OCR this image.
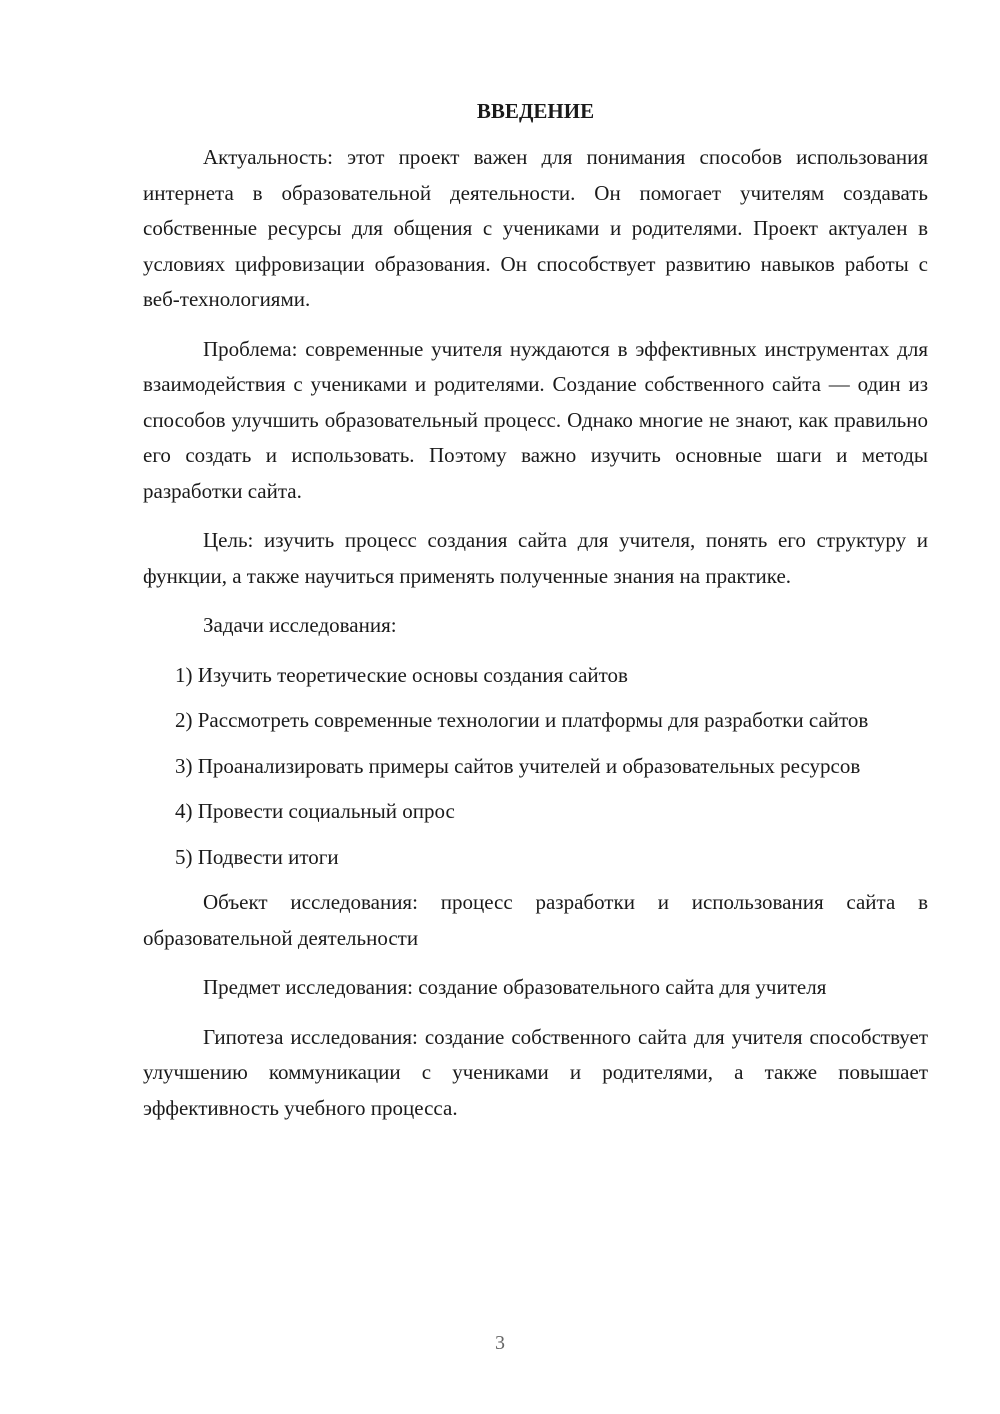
ВВЕДЕНИЕ

Актуальность: этот проект важен для понимания способов использования интернета в образовательной деятельности. Он помогает учителям создавать собственные ресурсы для общения с учениками и родителями. Проект актуален в условиях цифровизации образования. Он способствует развитию навыков работы с веб-технологиями.

Проблема: современные учителя нуждаются в эффективных инструментах для взаимодействия с учениками и родителями. Создание собственного сайта — один из способов улучшить образовательный процесс. Однако многие не знают, как правильно его создать и использовать. Поэтому важно изучить основные шаги и методы разработки сайта.

Цель: изучить процесс создания сайта для учителя, понять его структуру и функции, а также научиться применять полученные знания на практике.

Задачи исследования:

1) Изучить теоретические основы создания сайтов

2) Рассмотреть современные технологии и платформы для разработки сайтов

3) Проанализировать примеры сайтов учителей и образовательных ресурсов

4) Провести социальный опрос

5) Подвести итоги

Объект исследования: процесс разработки и использования сайта в образовательной деятельности

Предмет исследования: создание образовательного сайта для учителя

Гипотеза исследования: создание собственного сайта для учителя способствует улучшению коммуникации с учениками и родителями, а также повышает эффективность учебного процесса.

3
